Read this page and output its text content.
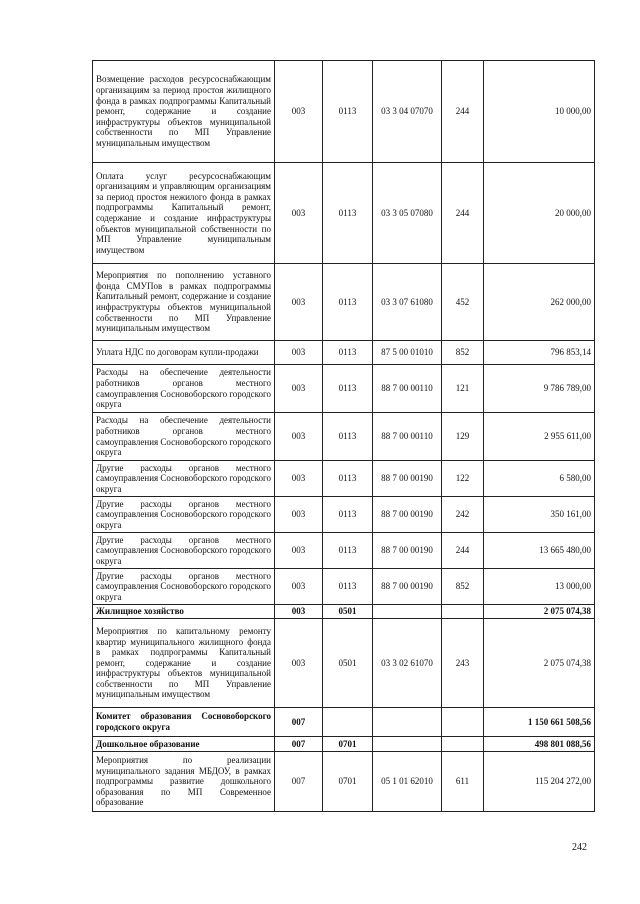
Возмещение расходов ресурсоснабжающим организациям за период простоя жилищного фонда в рамках подпрограммы Капитальный ремонт, содержание и создание инфраструктуры объектов муниципальной собственности по МП Управление муниципальным имуществом	003	0113	03 3 04 07070	244	10 000,00
Оплата услуг ресурсоснабжающим организациям и управляющим организациям за период простоя нежилого фонда в рамках подпрограммы Капитальный ремонт, содержание и создание инфраструктуры объектов муниципальной собственности по МП Управление муниципальным имуществом	003	0113	03 3 05 07080	244	20 000,00
Мероприятия по пополнению уставного фонда СМУПов в рамках подпрограммы Капитальный ремонт, содержание и создание инфраструктуры объектов муниципальной собственности по МП Управление муниципальным имуществом	003	0113	03 3 07 61080	452	262 000,00
Уплата НДС по договорам купли-продажи	003	0113	87 5 00 01010	852	796 853,14
Расходы на обеспечение деятельности работников органов местного самоуправления Сосновоборского городского округа	003	0113	88 7 00 00110	121	9 786 789,00
Расходы на обеспечение деятельности работников органов местного самоуправления Сосновоборского городского округа	003	0113	88 7 00 00110	129	2 955 611,00
Другие расходы органов местного самоуправления Сосновоборского городского округа	003	0113	88 7 00 00190	122	6 580,00
Другие расходы органов местного самоуправления Сосновоборского городского округа	003	0113	88 7 00 00190	242	350 161,00
Другие расходы органов местного самоуправления Сосновоборского городского округа	003	0113	88 7 00 00190	244	13 665 480,00
Другие расходы органов местного самоуправления Сосновоборского городского округа	003	0113	88 7 00 00190	852	13 000,00
Жилищное хозяйство	003	0501			2 075 074,38
Мероприятия по капитальному ремонту квартир муниципального жилищного фонда в рамках подпрограммы Капитальный ремонт, содержание и создание инфраструктуры объектов муниципальной собственности по МП Управление муниципальным имуществом	003	0501	03 3 02 61070	243	2 075 074,38
Комитет образования Сосновоборского городского округа	007				1 150 661 508,56
Дошкольное образование	007	0701			498 801 088,56
Мероприятия по реализации муниципального задания МБДОУ, в рамках подпрограммы развитие дошкольного образования по МП Современное образование	007	0701	05 1 01 62010	611	115 204 272,00
242
